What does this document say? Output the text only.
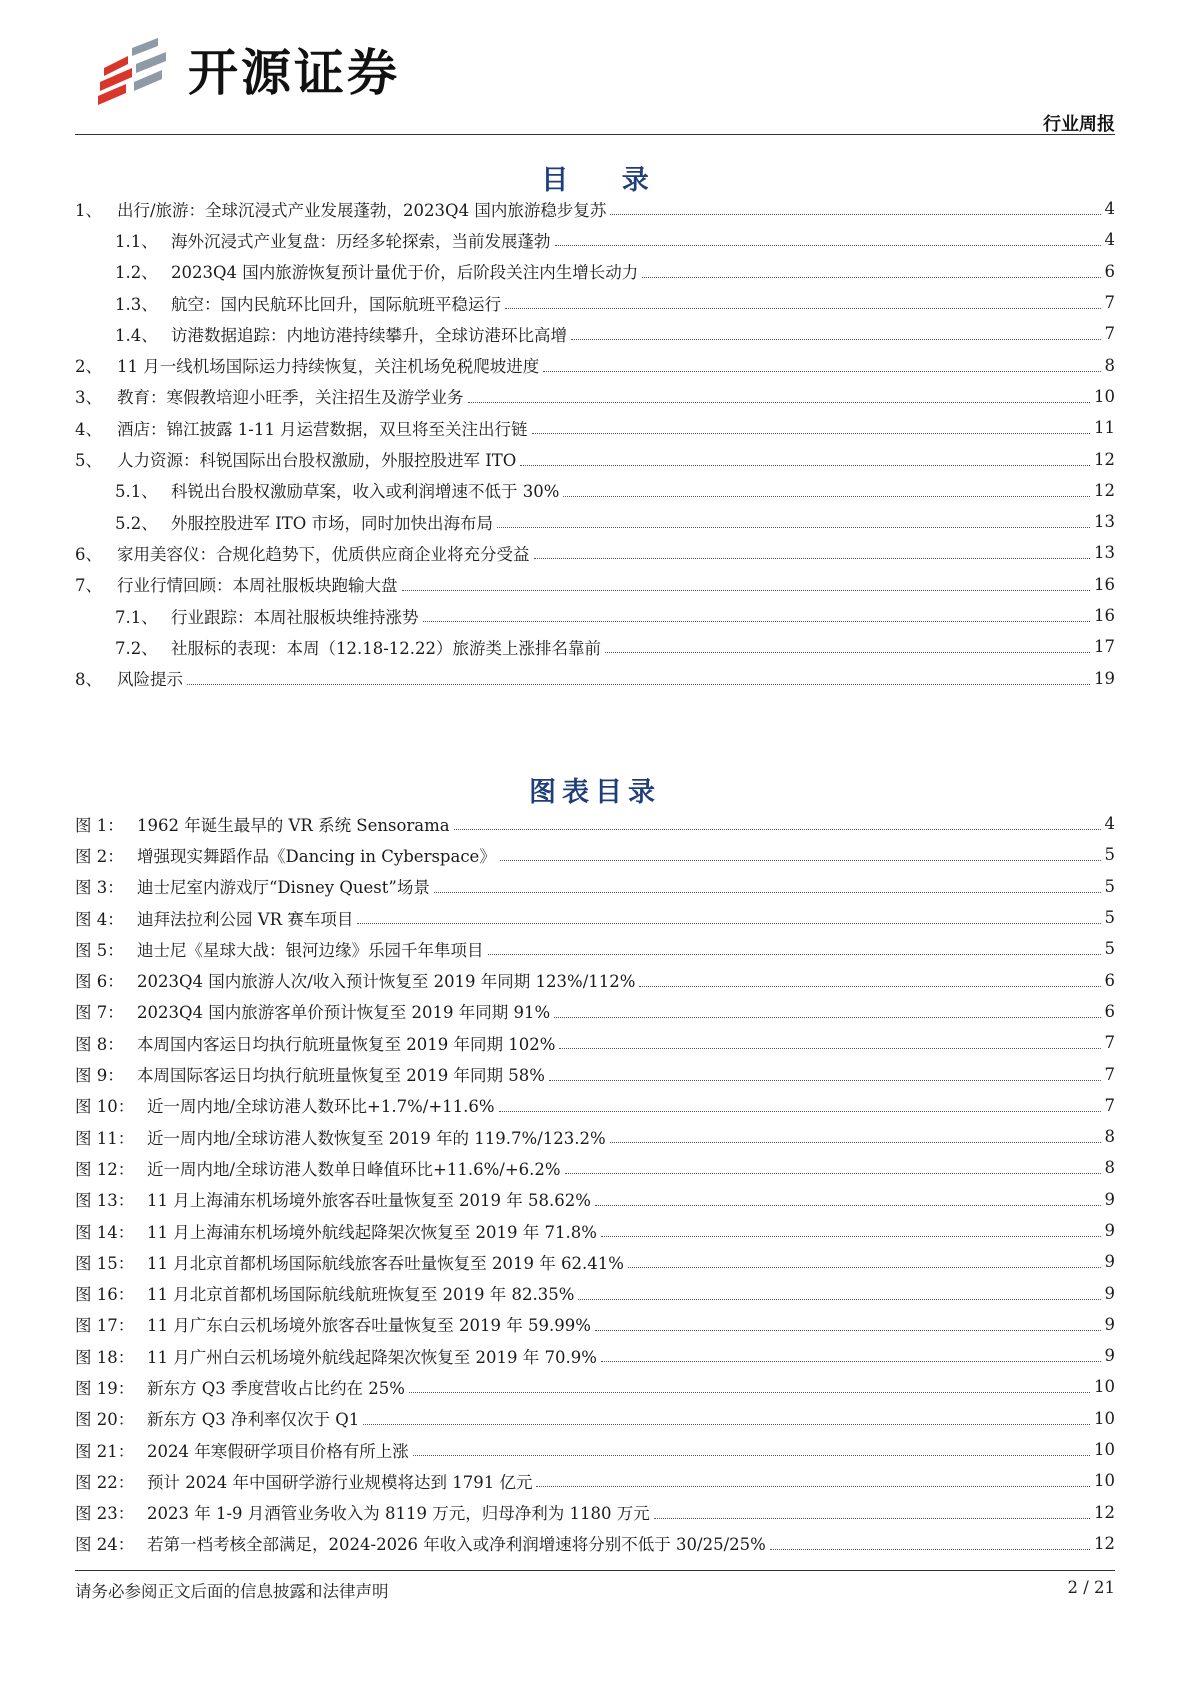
开源证券
行业周报
目 录
1、 出行/旅游：全球沉浸式产业发展蓬勃，2023Q4 国内旅游稳步复苏	4
1.1、 海外沉浸式产业复盘：历经多轮探索，当前发展蓬勃	4
1.2、 2023Q4 国内旅游恢复预计量优于价，后阶段关注内生增长动力	6
1.3、 航空：国内民航环比回升，国际航班平稳运行	7
1.4、 访港数据追踪：内地访港持续攀升，全球访港环比高增	7
2、 11 月一线机场国际运力持续恢复，关注机场免税爬坡进度	8
3、 教育：寒假教培迎小旺季，关注招生及游学业务	10
4、 酒店：锦江披露 1-11 月运营数据，双旦将至关注出行链	11
5、 人力资源：科锐国际出台股权激励，外服控股进军 ITO	12
5.1、 科锐出台股权激励草案，收入或利润增速不低于 30%	12
5.2、 外服控股进军 ITO 市场，同时加快出海布局	13
6、 家用美容仪：合规化趋势下，优质供应商企业将充分受益	13
7、 行业行情回顾：本周社服板块跑输大盘	16
7.1、 行业跟踪：本周社服板块维持涨势	16
7.2、 社服标的表现：本周（12.18-12.22）旅游类上涨排名靠前	17
8、 风险提示	19
图表目录
图 1： 1962 年诞生最早的 VR 系统 Sensorama	4
图 2： 增强现实舞蹈作品《Dancing in Cyberspace》	5
图 3： 迪士尼室内游戏厅“Disney Quest”场景	5
图 4： 迪拜法拉利公园 VR 赛车项目	5
图 5： 迪士尼《星球大战：银河边缘》乐园千年隼项目	5
图 6： 2023Q4 国内旅游人次/收入预计恢复至 2019 年同期 123%/112%	6
图 7： 2023Q4 国内旅游客单价预计恢复至 2019 年同期 91%	6
图 8： 本周国内客运日均执行航班量恢复至 2019 年同期 102%	7
图 9： 本周国际客运日均执行航班量恢复至 2019 年同期 58%	7
图 10： 近一周内地/全球访港人数环比+1.7%/+11.6%	7
图 11： 近一周内地/全球访港人数恢复至 2019 年的 119.7%/123.2%	8
图 12： 近一周内地/全球访港人数单日峰值环比+11.6%/+6.2%	8
图 13： 11 月上海浦东机场境外旅客吞吐量恢复至 2019 年 58.62%	9
图 14： 11 月上海浦东机场境外航线起降架次恢复至 2019 年 71.8%	9
图 15： 11 月北京首都机场国际航线旅客吞吐量恢复至 2019 年 62.41%	9
图 16： 11 月北京首都机场国际航线航班恢复至 2019 年 82.35%	9
图 17： 11 月广东白云机场境外旅客吞吐量恢复至 2019 年 59.99%	9
图 18： 11 月广州白云机场境外航线起降架次恢复至 2019 年 70.9%	9
图 19： 新东方 Q3 季度营收占比约在 25%	10
图 20： 新东方 Q3 净利率仅次于 Q1	10
图 21： 2024 年寒假研学项目价格有所上涨	10
图 22： 预计 2024 年中国研学游行业规模将达到 1791 亿元	10
图 23： 2023 年 1-9 月酒管业务收入为 8119 万元，归母净利为 1180 万元	12
图 24： 若第一档考核全部满足，2024-2026 年收入或净利润增速将分别不低于 30/25/25%	12
请务必参阅正文后面的信息披露和法律声明	2 / 21
